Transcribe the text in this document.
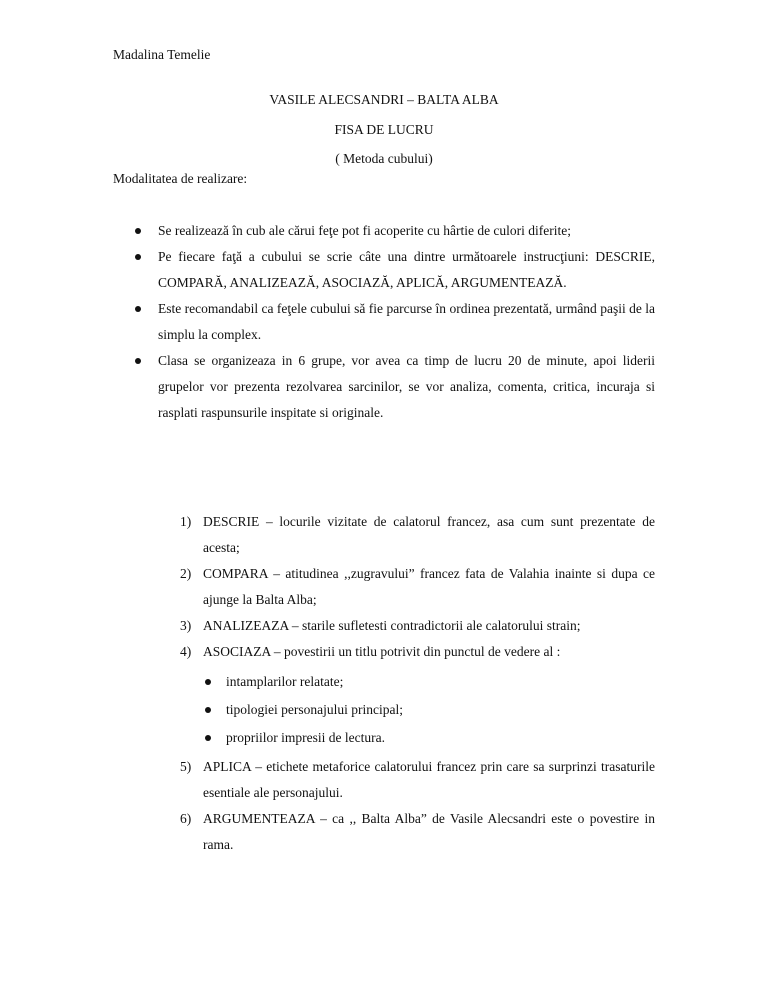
Madalina Temelie
VASILE ALECSANDRI – BALTA ALBA
FISA DE LUCRU
( Metoda cubului)
Modalitatea de realizare:
Se realizează în cub ale cărui feţe pot fi acoperite cu hârtie de culori diferite;
Pe fiecare faţă a cubului se scrie câte una dintre următoarele instrucţiuni: DESCRIE, COMPARĂ, ANALIZEAZĂ, ASOCIAZĂ, APLICĂ, ARGUMENTEAZĂ.
Este recomandabil ca feţele cubului să fie parcurse în ordinea prezentată, urmând paşii de la simplu la complex.
Clasa se organizeaza in 6 grupe, vor avea ca timp de lucru 20 de minute, apoi liderii grupelor vor prezenta rezolvarea sarcinilor, se vor analiza, comenta, critica, incuraja si rasplati raspunsurile inspitate si originale.
1) DESCRIE – locurile vizitate de calatorul francez, asa cum sunt prezentate de acesta;
2) COMPARA – atitudinea ,,zugravului” francez fata de Valahia inainte si dupa ce ajunge la Balta Alba;
3) ANALIZEAZA – starile sufletesti contradictorii ale calatorului strain;
4) ASOCIAZA – povestirii un titlu potrivit din punctul de vedere al :
intamplarilor relatate;
tipologiei personajului principal;
propriilor impresii de lectura.
5) APLICA – etichete metaforice calatorului francez prin care sa surprinzi trasaturile esentiale ale personajului.
6) ARGUMENTEAZA – ca ,, Balta Alba” de Vasile Alecsandri este o povestire in rama.
